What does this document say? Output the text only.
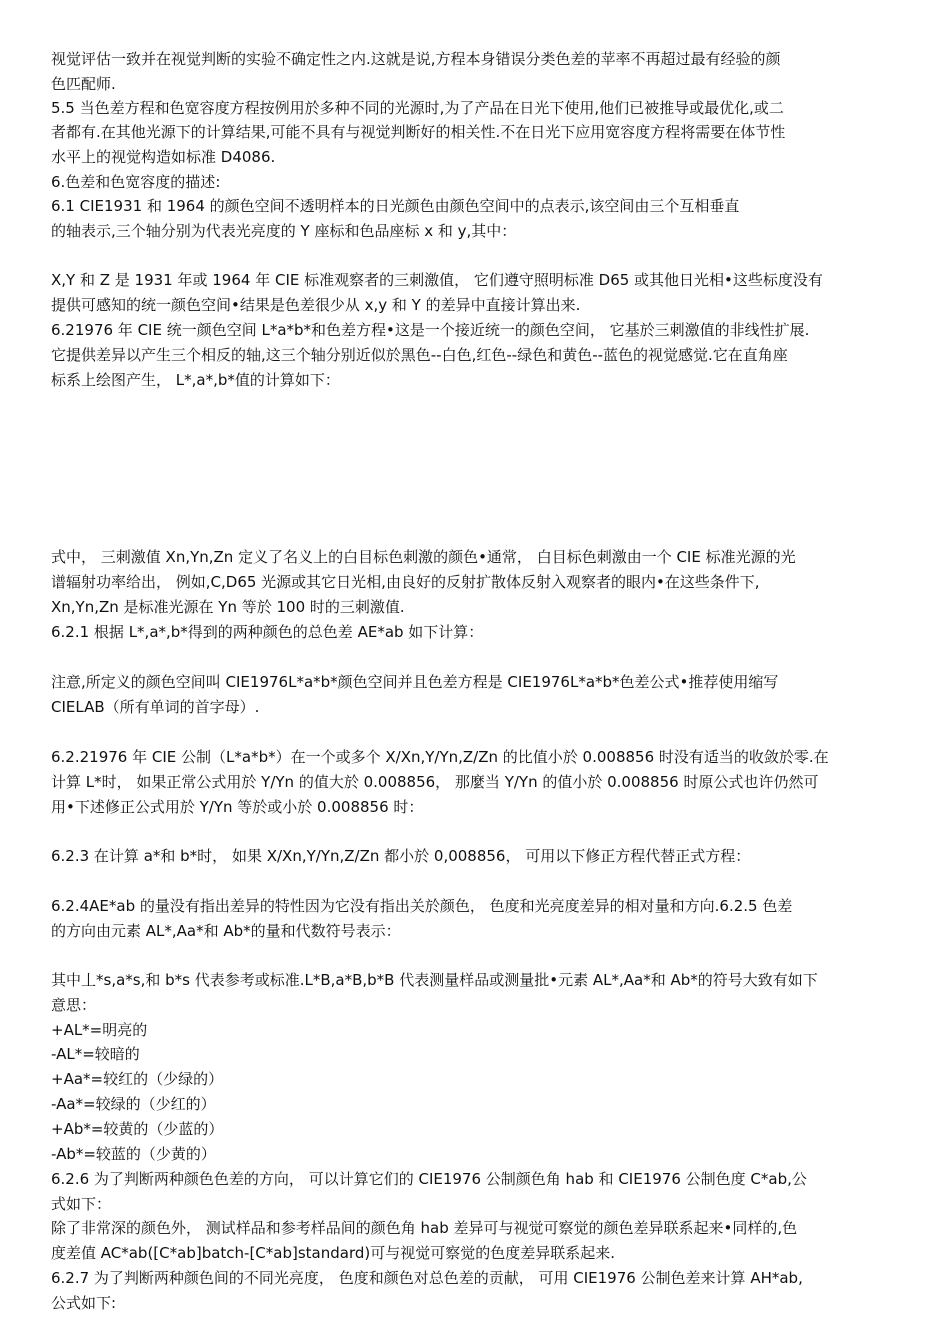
视觉评估一致并在视觉判断的实验不确定性之内.这就是说,方程本身错误分类色差的苹率不再超过最有经验的颜
色匹配师.
5.5 当色差方程和色宽容度方程按例用於多种不同的光源时,为了产品在日光下使用,他们已被推导或最优化,或二
者都有.在其他光源下的计算结果,可能不具有与视觉判断好的相关性.不在日光下应用宽容度方程将需要在体节性
水平上的视觉构造如标准 D4086.
6.色差和色宽容度的描述:
6.1 CIE1931 和 1964 的颜色空间不透明样本的日光颜色由颜色空间中的点表示,该空间由三个互相垂直
的轴表示,三个轴分别为代表光亮度的 Y 座标和色品座标 x 和 y,其中：
X,Y 和 Z 是 1931 年或 1964 年 CIE 标准观察者的三刺激值， 它们遵守照明标准 D65 或其他日光相•这些标度没有
提供可感知的统一颜色空间•结果是色差很少从 x,y 和 Y 的差异中直接计算出来.
6.21976 年 CIE 统一颜色空间 L*a*b*和色差方程•这是一个接近统一的颜色空间， 它基於三刺激值的非线性扩展.
它提供差异以产生三个相反的轴,这三个轴分别近似於黑色--白色,红色--绿色和黄色--蓝色的视觉感觉.它在直角座
标系上绘图产生， L*,a*,b*值的计算如下：
式中， 三刺激值 Xn,Yn,Zn 定义了名义上的白目标色刺激的颜色•通常， 白目标色刺激由一个 CIE 标准光源的光
谱辐射功率给出， 例如,C,D65 光源或其它日光相,由良好的反射扩散体反射入观察者的眼内•在这些条件下,
Xn,Yn,Zn 是标准光源在 Yn 等於 100 时的三刺激值.
6.2.1 根据 L*,a*,b*得到的两种颜色的总色差 AE*ab 如下计算：
注意,所定义的颜色空间叫 CIE1976L*a*b*颜色空间并且色差方程是 CIE1976L*a*b*色差公式•推荐使用缩写
CIELAB（所有单词的首字母）.
6.2.21976 年 CIE 公制（L*a*b*）在一个或多个 X/Xn,Y/Yn,Z/Zn 的比值小於 0.008856 时没有适当的收敛於零.在
计算 L*时， 如果正常公式用於 Y/Yn 的值大於 0.008856， 那麼当 Y/Yn 的值小於 0.008856 时原公式也许仍然可
用•下述修正公式用於 Y/Yn 等於或小於 0.008856 时：
6.2.3 在计算 a*和 b*时， 如果 X/Xn,Y/Yn,Z/Zn 都小於 0,008856， 可用以下修正方程代替正式方程：
6.2.4AE*ab 的量没有指出差异的特性因为它没有指出关於颜色， 色度和光亮度差异的相对量和方向.6.2.5 色差
的方向由元素 AL*,Aa*和 Ab*的量和代数符号表示：
其中丄*s,a*s,和 b*s 代表参考或标准.L*B,a*B,b*B 代表测量样品或测量批•元素 AL*,Aa*和 Ab*的符号大致有如下
意思：
+AL*=明亮的
-AL*=较暗的
+Aa*=较红的（少绿的）
-Aa*=较绿的（少红的）
+Ab*=较黄的（少蓝的）
-Ab*=较蓝的（少黄的）
6.2.6 为了判断两种颜色色差的方向， 可以计算它们的 CIE1976 公制颜色角 hab 和 CIE1976 公制色度 C*ab,公
式如下：
除了非常深的颜色外， 测试样品和参考样品间的颜色角 hab 差异可与视觉可察觉的颜色差异联系起来•同样的,色
度差值 AC*ab([C*ab]batch-[C*ab]standard)可与视觉可察觉的色度差异联系起来.
6.2.7 为了判断两种颜色间的不同光亮度， 色度和颜色对总色差的贡献， 可用 CIE1976 公制色差来计算 AH*ab,
公式如下:
